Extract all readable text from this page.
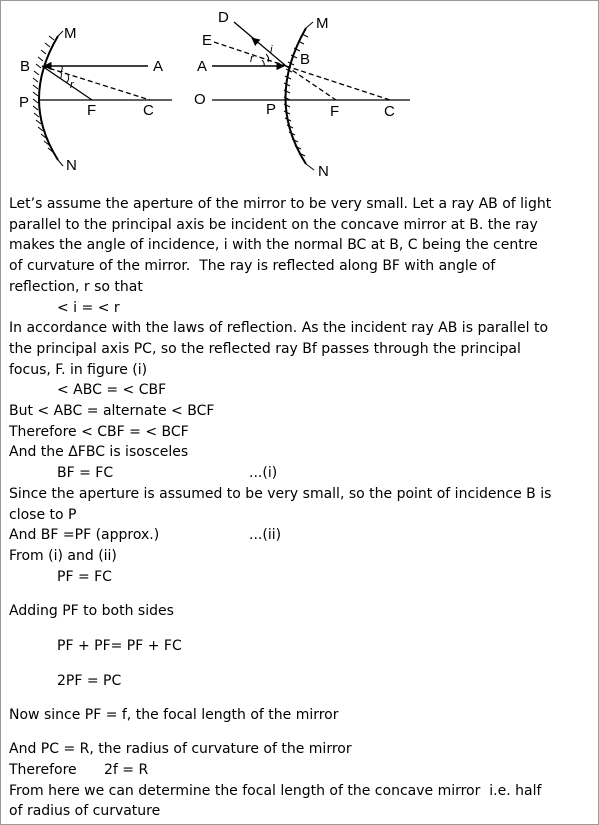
M
B	A
P	F	C
N
i
r
D
E
A
O
M
B
P	F	C
N
i
r

Let’s assume the aperture of the mirror to be very small. Let a ray AB of light

parallel to the principal axis be incident on the concave mirror at B. the ray

makes the angle of incidence, i with the normal BC at B, C being the centre

of curvature of the mirror.  The ray is reflected along BF with angle of

reflection, r so that

< i = < r

In accordance with the laws of reflection. As the incident ray AB is parallel to

the principal axis PC, so the reflected ray Bf passes through the principal

focus, F. in figure (i)

< ABC = < CBF

But < ABC = alternate < BCF

Therefore < CBF = < BCF

And the ΔFBC is isosceles

BF = FC	...(i)

Since the aperture is assumed to be very small, so the point of incidence B is

close to P

And BF =PF (approx.)	...(ii)

From (i) and (ii)

PF = FC

Adding PF to both sides

PF + PF= PF + FC

2PF = PC

Now since PF = f, the focal length of the mirror

And PC = R, the radius of curvature of the mirror

Therefore 2f = R

From here we can determine the focal length of the concave mirror  i.e. half

of radius of curvature
